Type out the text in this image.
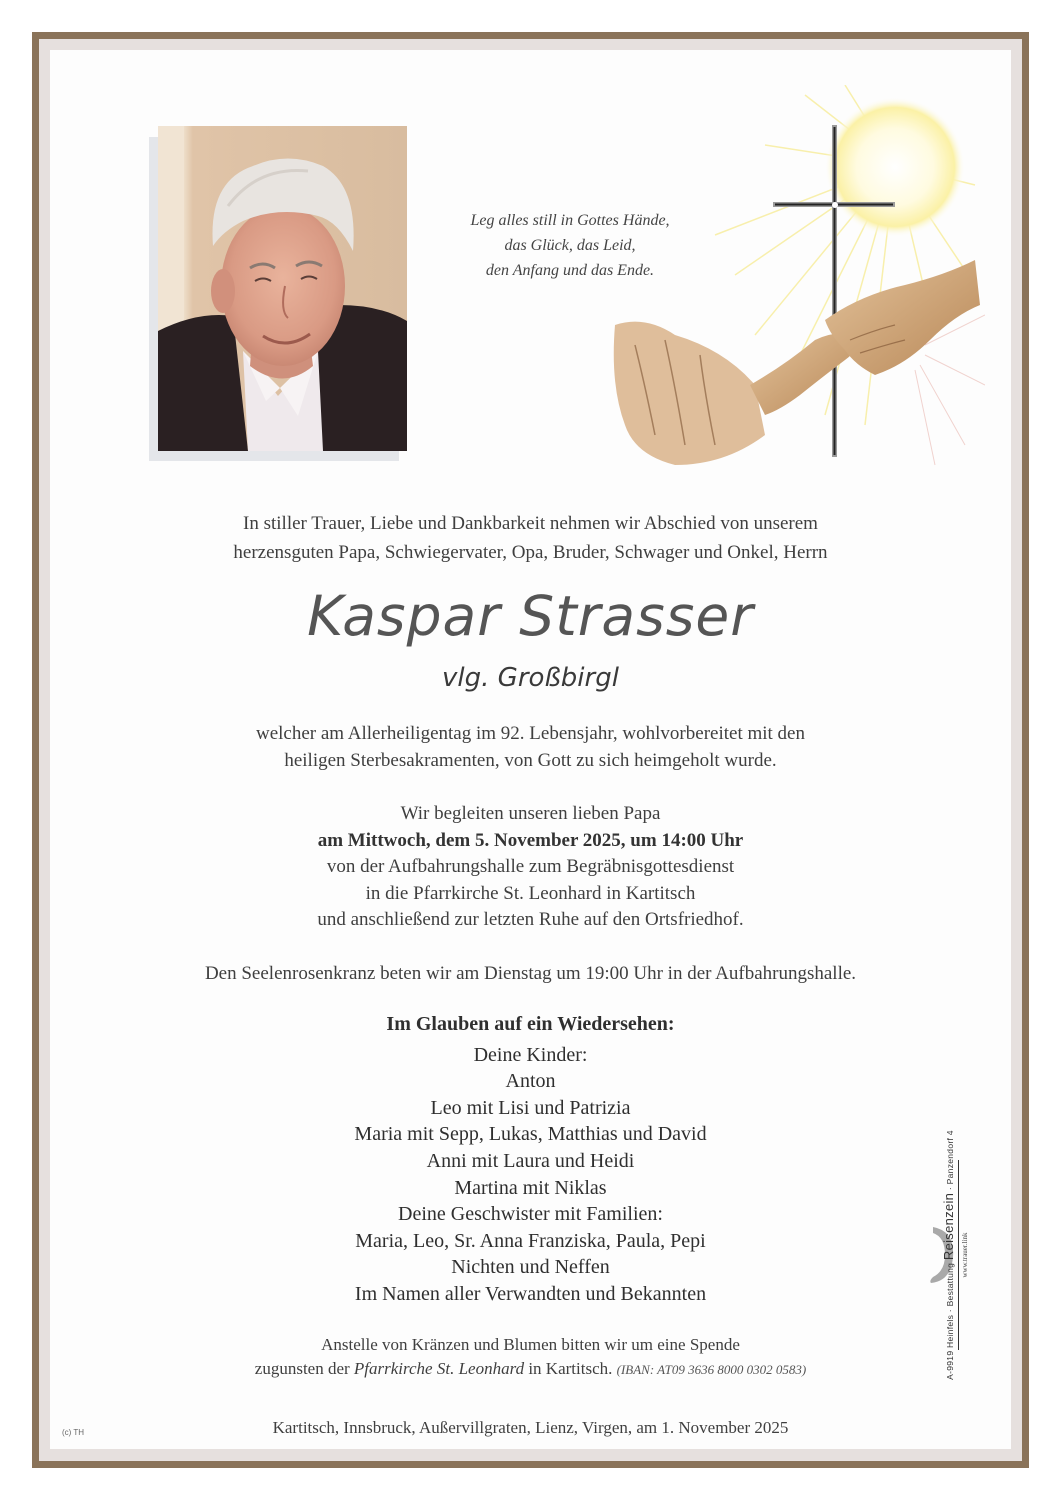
Leg alles still in Gottes Hände,
das Glück, das Leid,
den Anfang und das Ende.
In stiller Trauer, Liebe und Dankbarkeit nehmen wir Abschied von unserem
herzensguten Papa, Schwiegervater, Opa, Bruder, Schwager und Onkel, Herrn
Kaspar Strasser
vlg. Großbirgl
welcher am Allerheiligentag im 92. Lebensjahr, wohlvorbereitet mit den
heiligen Sterbesakramenten, von Gott zu sich heimgeholt wurde.
Wir begleiten unseren lieben Papa
am Mittwoch, dem 5. November 2025, um 14:00 Uhr
von der Aufbahrungshalle zum Begräbnisgottesdienst
in die Pfarrkirche St. Leonhard in Kartitsch
und anschließend zur letzten Ruhe auf den Ortsfriedhof.
Den Seelenrosenkranz beten wir am Dienstag um 19:00 Uhr in der Aufbahrungshalle.
Im Glauben auf ein Wiedersehen:
Deine Kinder:
Anton
Leo mit Lisi und Patrizia
Maria mit Sepp, Lukas, Matthias und David
Anni mit Laura und Heidi
Martina mit Niklas
Deine Geschwister mit Familien:
Maria, Leo, Sr. Anna Franziska, Paula, Pepi
Nichten und Neffen
Im Namen aller Verwandten und Bekannten
Anstelle von Kränzen und Blumen bitten wir um eine Spende
zugunsten der Pfarrkirche St. Leonhard in Kartitsch. (IBAN: AT09 3636 8000 0302 0583)
Kartitsch, Innsbruck, Außervillgraten, Lienz, Virgen, am 1. November 2025
(c) TH
A-9919 Heinfels · Bestattung Reisenzein · Panzendorf 4
www.trauer.link
